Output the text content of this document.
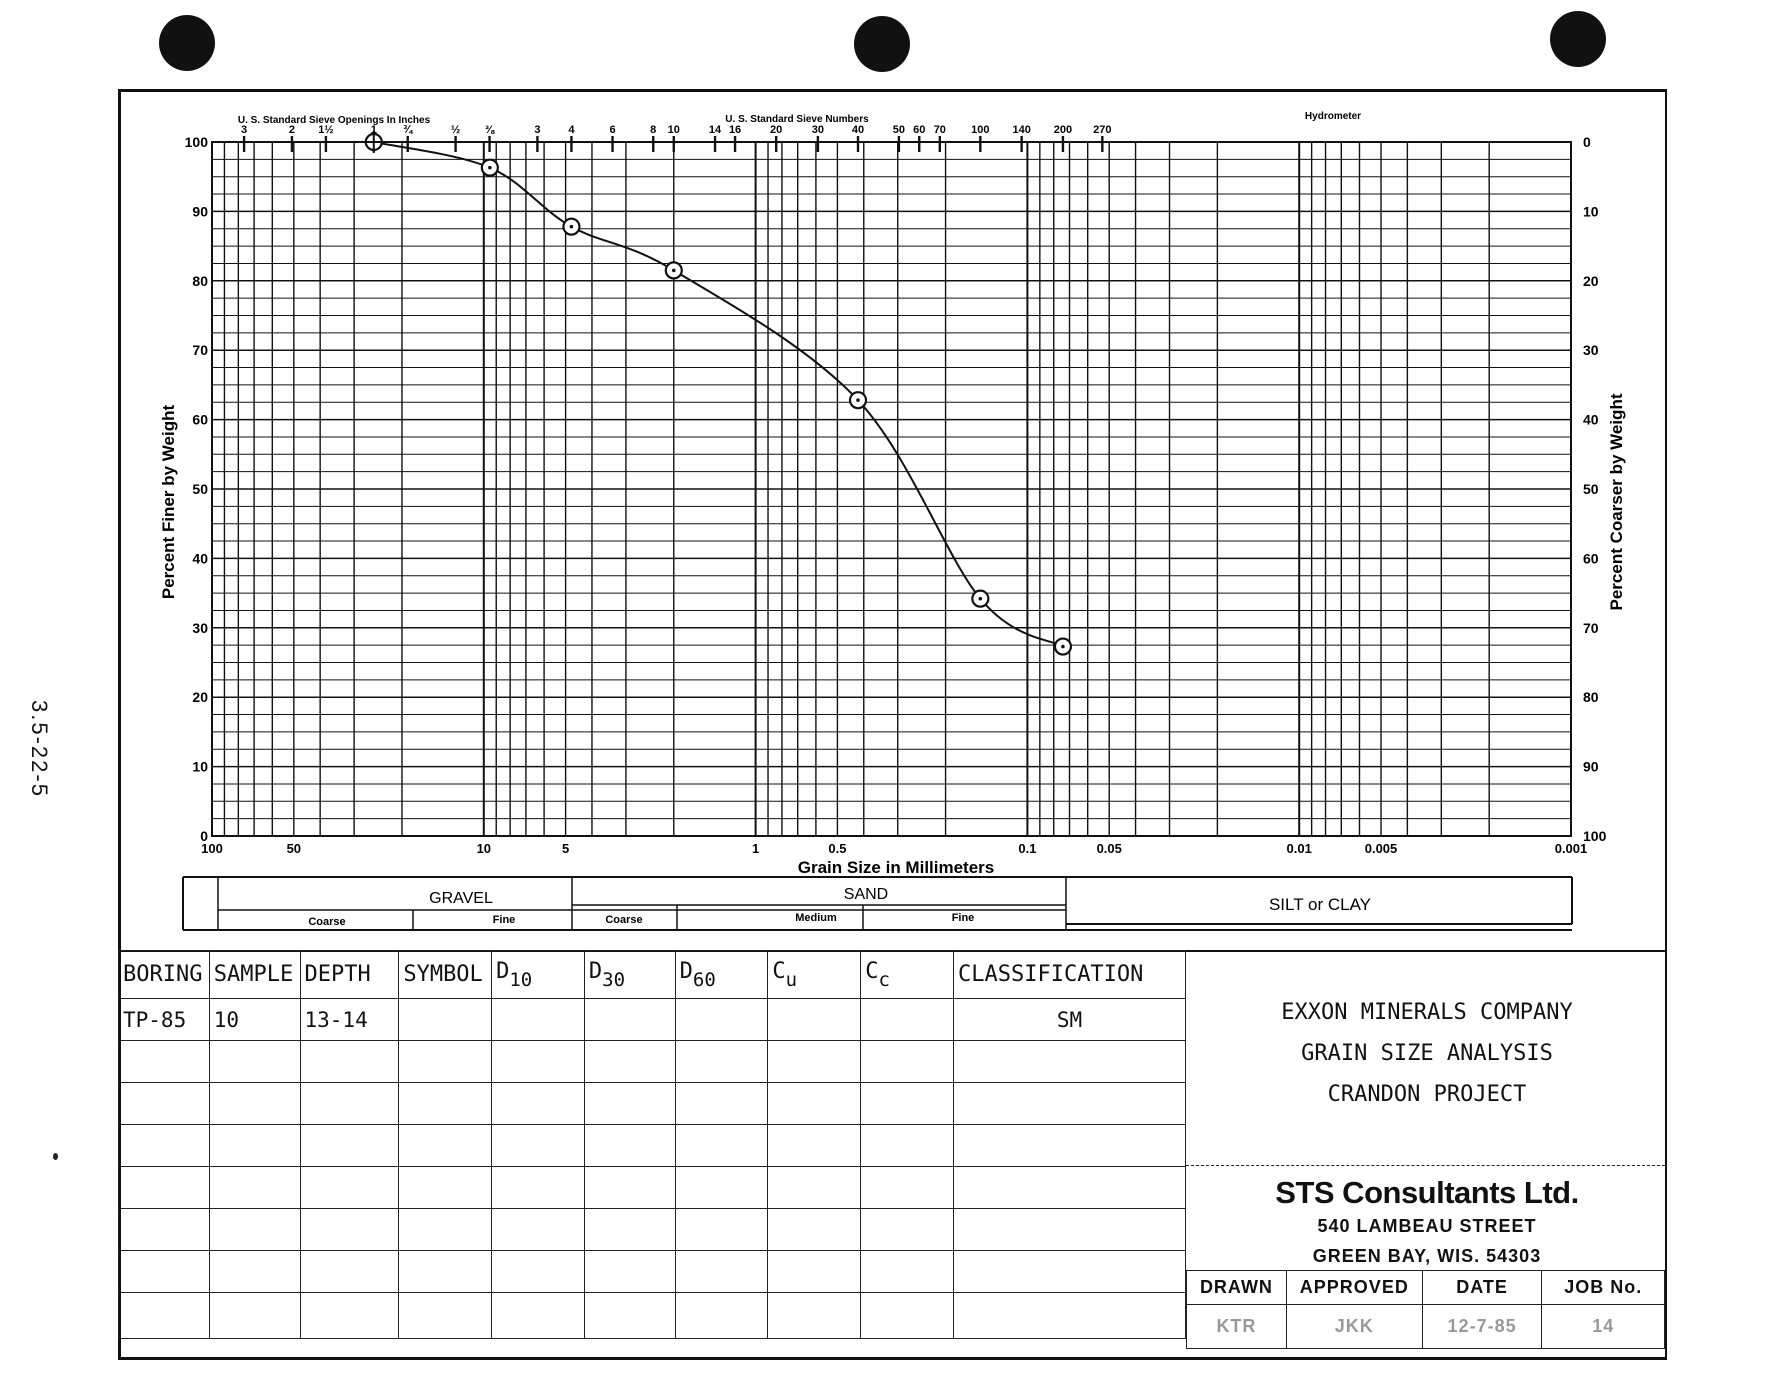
3.5-22-5
0	100
10	90
20	80
30	70
40	60
50	50
60	40
70	30
80	20
90	10
100	0
100	50	10	5	1	0.5	0.1	0.05	0.01	0.005	0.001
3	2 1½	1 ¾	½ ⅜	3	4	6	8 10	14 16	20	30	40	50 60 70 100 140 200 270
Grain Size in Millimeters
Percent Finer by Weight	Percent Coarser by Weight
U. S. Standard Sieve Openings In Inches	U. S. Standard Sieve Numbers	Hydrometer
GRAVEL	SAND
SILT or CLAY
Coarse	Fine	Coarse	Medium	Fine
BORING	SAMPLE	DEPTH	SYMBOL	D10	D30	D60	Cu	Cc	CLASSIFICATION
TP-85	10	13-14							SM

										EXXON MINERALS COMPANY
GRAIN SIZE ANALYSIS
CRANDON PROJECT
STS Consultants Ltd.
540 LAMBEAU STREET
GREEN BAY, WIS. 54303
DRAWN	APPROVED	DATE	JOB No.
KTR	JKK	12-7-85	14
